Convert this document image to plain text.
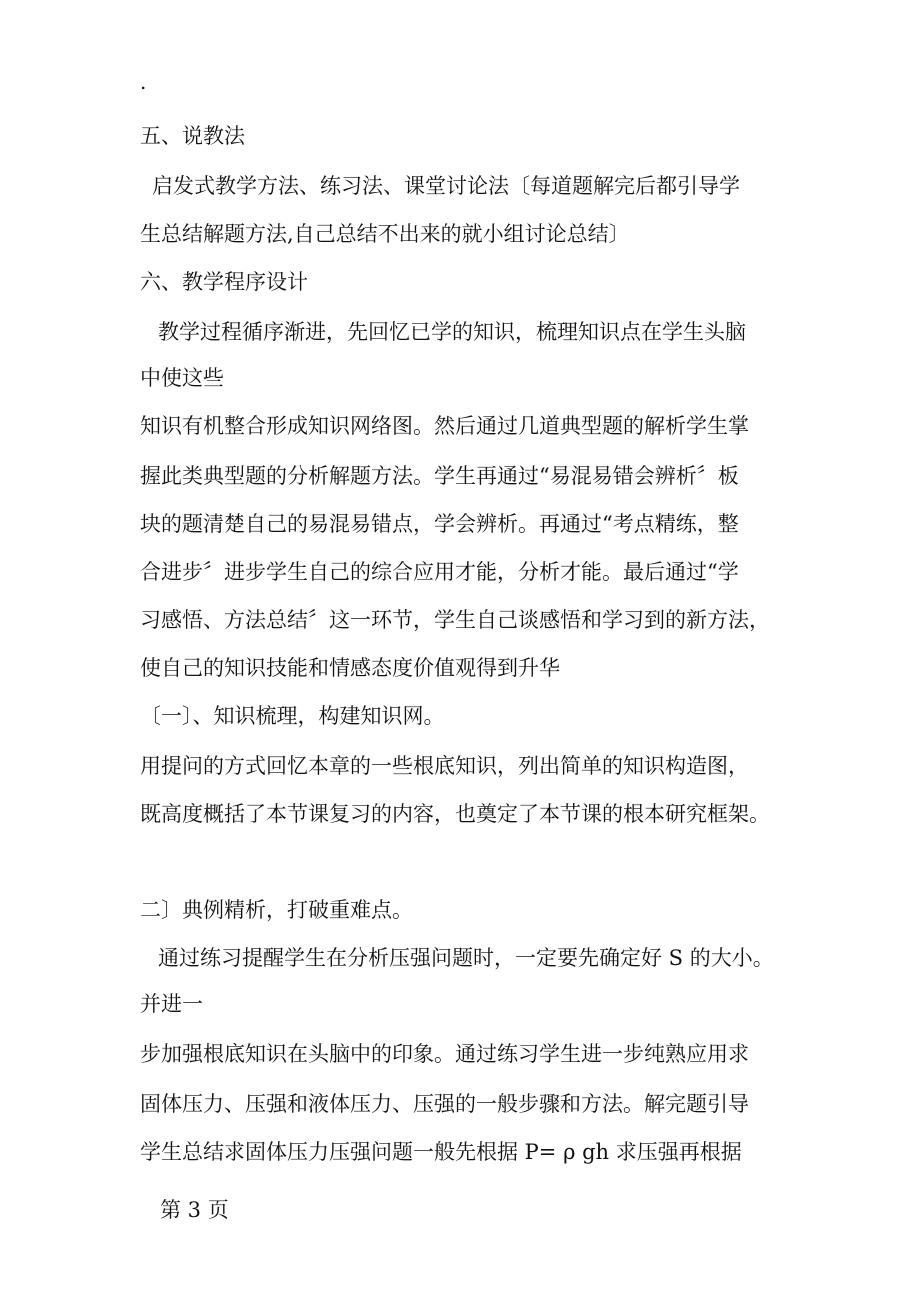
.
五、说教法
启发式教学方法、练习法、课堂讨论法〔每道题解完后都引导学
生总结解题方法,自己总结不出来的就小组讨论总结〕
六、教学程序设计
教学过程循序渐进，先回忆已学的知识，梳理知识点在学生头脑
中使这些
知识有机整合形成知识网络图。然后通过几道典型题的解析学生掌
握此类典型题的分析解题方法。学生再通过“易混易错会辨析〞板
块的题清楚自己的易混易错点，学会辨析。再通过“考点精练，整
合进步〞进步学生自己的综合应用才能，分析才能。最后通过“学
习感悟、方法总结〞这一环节，学生自己谈感悟和学习到的新方法，
使自己的知识技能和情感态度价值观得到升华
〔一〕、知识梳理，构建知识网。
用提问的方式回忆本章的一些根底知识，列出简单的知识构造图，
既高度概括了本节课复习的内容，也奠定了本节课的根本研究框架。
二〕典例精析，打破重难点。
通过练习提醒学生在分析压强问题时，一定要先确定好 S 的大小。
并进一
步加强根底知识在头脑中的印象。通过练习学生进一步纯熟应用求
固体压力、压强和液体压力、压强的一般步骤和方法。解完题引导
学生总结求固体压力压强问题一般先根据 P= ρ gh 求压强再根据
第 3 页
